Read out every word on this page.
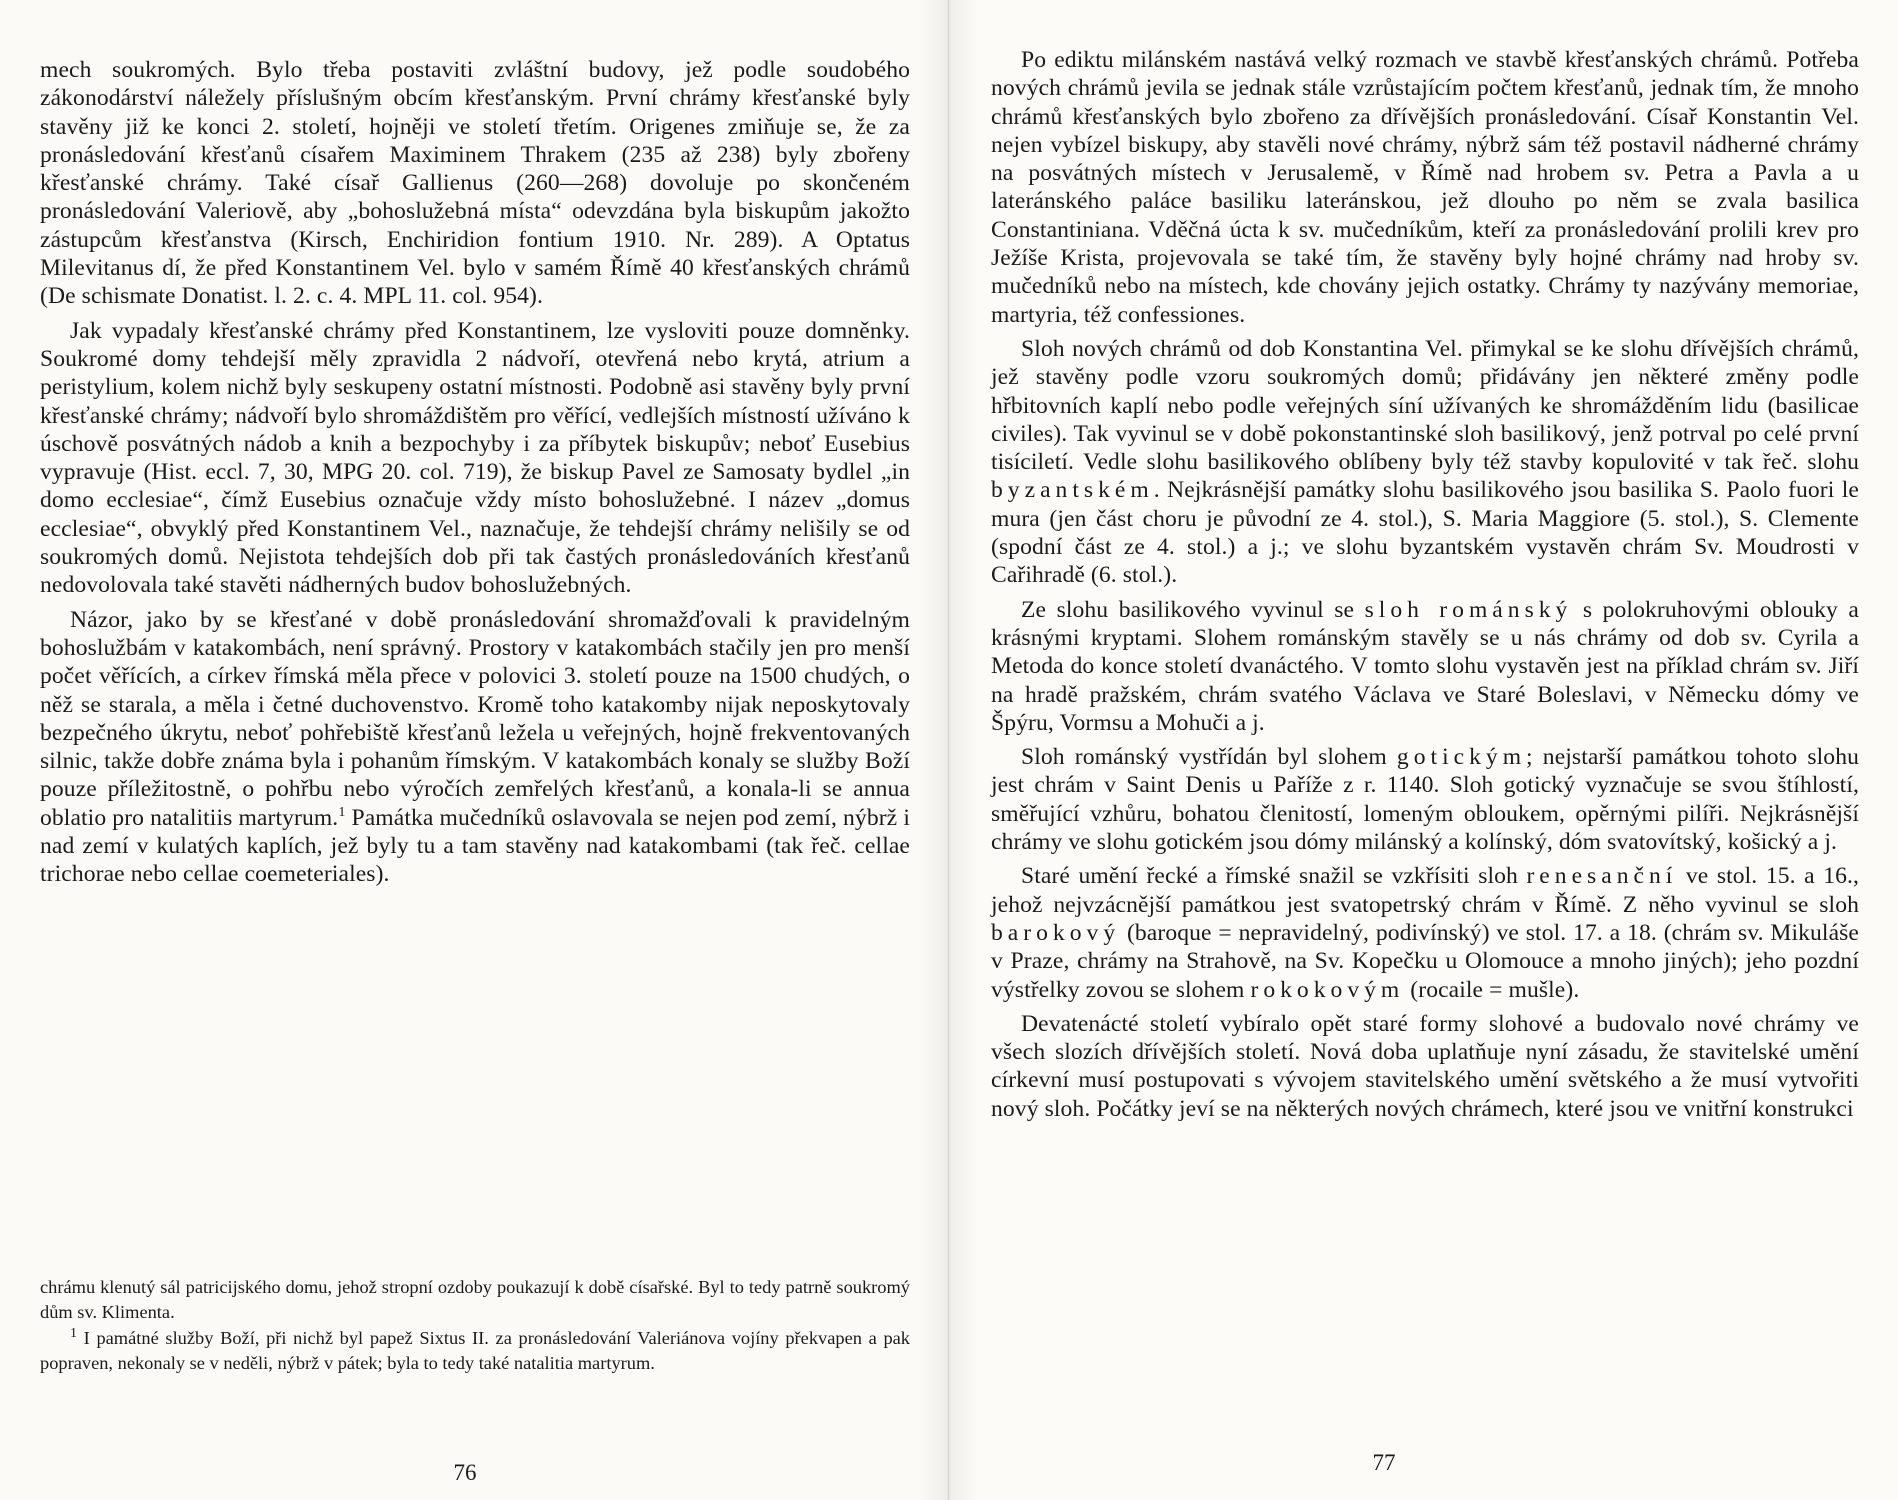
mech soukromých. Bylo třeba postaviti zvláštní budovy, jež podle soudobého zákonodárství náležely příslušným obcím křesťanským. První chrámy křesťanské byly stavěny již ke konci 2. století, hojněji ve století třetím. Origenes zmiňuje se, že za pronásledování křesťanů císařem Maximinem Thrakem (235 až 238) byly zbořeny křesťanské chrámy. Také císař Gallienus (260—268) dovoluje po skončeném pronásledování Valeriově, aby „bohoslužebná místa“ odevzdána byla biskupům jakožto zástupcům křesťanstva (Kirsch, Enchiridion fontium 1910. Nr. 289). A Optatus Milevitanus dí, že před Konstantinem Vel. bylo v samém Římě 40 křesťanských chrámů (De schismate Donatist. l. 2. c. 4. MPL 11. col. 954).

Jak vypadaly křesťanské chrámy před Konstantinem, lze vysloviti pouze domněnky. Soukromé domy tehdejší měly zpravidla 2 nádvoří, otevřená nebo krytá, atrium a peristylium, kolem nichž byly seskupeny ostatní místnosti. Podobně asi stavěny byly první křesťanské chrámy; nádvoří bylo shromáždištěm pro věřící, vedlejších místností užíváno k úschově posvátných nádob a knih a bezpochyby i za příbytek biskupův; neboť Eusebius vypravuje (Hist. eccl. 7, 30, MPG 20. col. 719), že biskup Pavel ze Samosaty bydlel „in domo ecclesiae“, čímž Eusebius označuje vždy místo bohoslužebné. I název „domus ecclesiae“, obvyklý před Konstantinem Vel., naznačuje, že tehdejší chrámy nelišily se od soukromých domů. Nejistota tehdejších dob při tak častých pronásledováních křesťanů nedovolovala také stavěti nádherných budov bohoslužebných.

Názor, jako by se křesťané v době pronásledování shromažďovali k pravidelným bohoslužbám v katakombách, není správný. Prostory v katakombách stačily jen pro menší počet věřících, a církev římská měla přece v polovici 3. století pouze na 1500 chudých, o něž se starala, a měla i četné duchovenstvo. Kromě toho katakomby nijak neposkytovaly bezpečného úkrytu, neboť pohřebiště křesťanů ležela u veřejných, hojně frekventovaných silnic, takže dobře známa byla i pohanům římským. V katakombách konaly se služby Boží pouze příležitostně, o pohřbu nebo výročích zemřelých křesťanů, a konala-li se annua oblatio pro natalitiis martyrum.$^1$ Památka mučedníků oslavovala se nejen pod zemí, nýbrž i nad zemí v kulatých kaplích, jež byly tu a tam stavěny nad katakombami (tak řeč. cellae trichorae nebo cellae coemeteriales).

chrámu klenutý sál patricijského domu, jehož stropní ozdoby poukazují k době císařské. Byl to tedy patrně soukromý dům sv. Klimenta.

$^1$ I památné služby Boží, při nichž byl papež Sixtus II. za pronásledování Valeriánova vojíny překvapen a pak popraven, nekonaly se v neděli, nýbrž v pátek; byla to tedy také natalitia martyrum.

76

Po ediktu milánském nastává velký rozmach ve stavbě křesťanských chrámů. Potřeba nových chrámů jevila se jednak stále vzrůstajícím počtem křesťanů, jednak tím, že mnoho chrámů křesťanských bylo zbořeno za dřívějších pronásledování. Císař Konstantin Vel. nejen vybízel biskupy, aby stavěli nové chrámy, nýbrž sám též postavil nádherné chrámy na posvátných místech v Jerusalemě, v Římě nad hrobem sv. Petra a Pavla a u lateránského paláce basiliku lateránskou, jež dlouho po něm se zvala basilica Constantiniana. Vděčná úcta k sv. mučedníkům, kteří za pronásledování prolili krev pro Ježíše Krista, projevovala se také tím, že stavěny byly hojné chrámy nad hroby sv. mučedníků nebo na místech, kde chovány jejich ostatky. Chrámy ty nazývány memoriae, martyria, též confessiones.

Sloh nových chrámů od dob Konstantina Vel. přimykal se ke slohu dřívějších chrámů, jež stavěny podle vzoru soukromých domů; přidávány jen některé změny podle hřbitovních kaplí nebo podle veřejných síní užívaných ke shromážděním lidu (basilicae civiles). Tak vyvinul se v době pokonstantinské sloh basilikový, jenž potrval po celé první tisíciletí. Vedle slohu basilikového oblíbeny byly též stavby kopulovité v tak řeč. slohu byzantském. Nejkrásnější památky slohu basilikového jsou basilika S. Paolo fuori le mura (jen část choru je původní ze 4. stol.), S. Maria Maggiore (5. stol.), S. Clemente (spodní část ze 4. stol.) a j.; ve slohu byzantském vystavěn chrám Sv. Moudrosti v Cařihradě (6. stol.).

Ze slohu basilikového vyvinul se sloh románský s polokruhovými oblouky a krásnými kryptami. Slohem románským stavěly se u nás chrámy od dob sv. Cyrila a Metoda do konce století dvanáctého. V tomto slohu vystavěn jest na příklad chrám sv. Jiří na hradě pražském, chrám svatého Václava ve Staré Boleslavi, v Německu dómy ve Špýru, Vormsu a Mohuči a j.

Sloh románský vystřídán byl slohem gotickým; nejstarší památkou tohoto slohu jest chrám v Saint Denis u Paříže z r. 1140. Sloh gotický vyznačuje se svou štíhlostí, směřující vzhůru, bohatou členitostí, lomeným obloukem, opěrnými pilíři. Nejkrásnější chrámy ve slohu gotickém jsou dómy milánský a kolínský, dóm svatovítský, košický a j.

Staré umění řecké a římské snažil se vzkřísiti sloh renesanční ve stol. 15. a 16., jehož nejvzácnější památkou jest svatopetrský chrám v Římě. Z něho vyvinul se sloh barokový (baroque = nepravidelný, podivínský) ve stol. 17. a 18. (chrám sv. Mikuláše v Praze, chrámy na Strahově, na Sv. Kopečku u Olomouce a mnoho jiných); jeho pozdní výstřelky zovou se slohem rokokovým (rocaile = mušle).

Devatenácté století vybíralo opět staré formy slohové a budovalo nové chrámy ve všech slozích dřívějších století. Nová doba uplatňuje nyní zásadu, že stavitelské umění církevní musí postupovati s vývojem stavitelského umění světského a že musí vytvořiti nový sloh. Počátky jeví se na některých nových chrámech, které jsou ve vnitřní konstrukci

77
